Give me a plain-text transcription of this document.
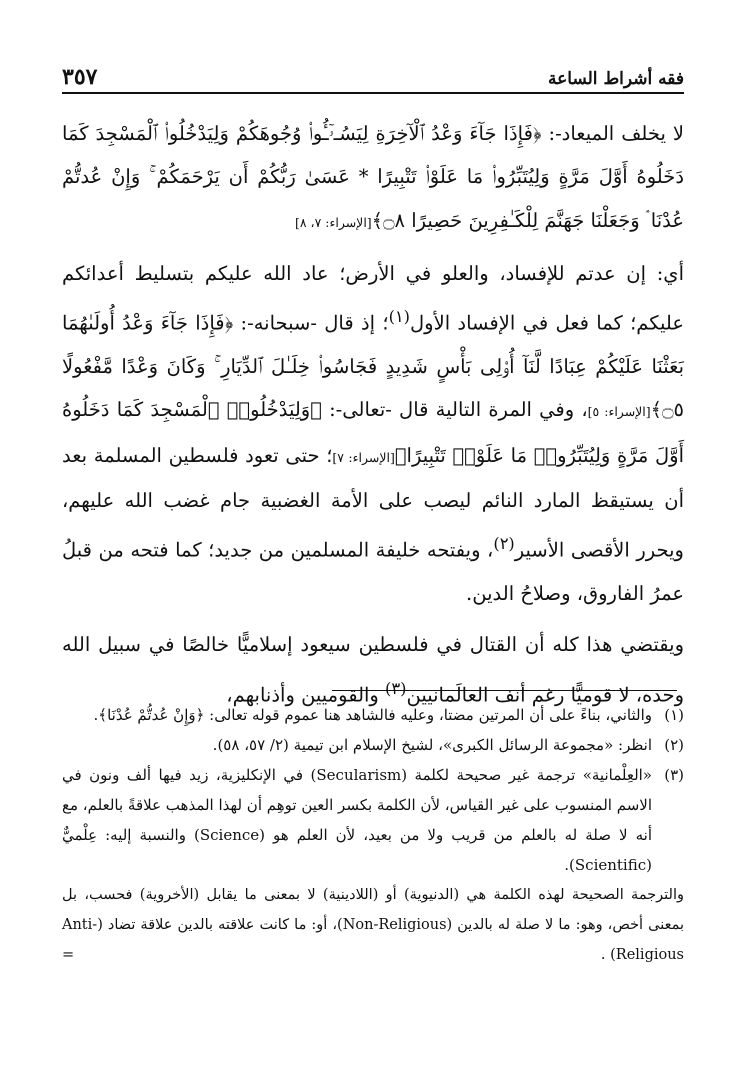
فقه أشراط الساعة
٣٥٧

لا يخلف الميعاد-: ﴿فَإِذَا جَآءَ وَعْدُ ٱلْآخِرَةِ لِيَسُـۥٓـُٔوا۟ وُجُوهَكُمْ وَلِيَدْخُلُوا۟ ٱلْمَسْجِدَ كَمَا دَخَلُوهُ أَوَّلَ مَرَّةٍ وَلِيُتَبِّرُوا۟ مَا عَلَوْا۟ تَتْبِيرًا * عَسَىٰ رَبُّكُمْ أَن يَرْحَمَكُمْ ۚ وَإِنْ عُدتُّمْ عُدْنَا ۘ وَجَعَلْنَا جَهَنَّمَ لِلْكَـٰفِرِينَ حَصِيرًا ۝٨﴾[الإسراء: ٧، ٨]

أي: إن عدتم للإفساد، والعلو في الأرض؛ عاد الله عليكم بتسليط أعدائكم عليكم؛ كما فعل في الإفساد الأول$^{(١)}$؛ إذ قال -سبحانه-: ﴿فَإِذَا جَآءَ وَعْدُ أُولَىٰهُمَا بَعَثْنَا عَلَيْكُمْ عِبَادًا لَّنَآ أُو۟لِى بَأْسٍ شَدِيدٍ فَجَاسُوا۟ خِلَـٰلَ ٱلدِّيَارِ ۚ وَكَانَ وَعْدًا مَّفْعُولًا ۝٥﴾[الإسراء: ٥]، وفي المرة التالية قال -تعالى-: ﴿وَلِيَدْخُلُوا۟ ٱلْمَسْجِدَ كَمَا دَخَلُوهُ أَوَّلَ مَرَّةٍ وَلِيُتَبِّرُوا۟ مَا عَلَوْا۟ تَتْبِيرًا﴾[الإسراء: ٧]؛ حتى تعود فلسطين المسلمة بعد أن يستيقظ المارد النائم ليصب على الأمة الغضبية جام غضب الله عليهم، ويحرر الأقصى الأسير$^{(٢)}$، ويفتحه خليفة المسلمين من جديد؛ كما فتحه من قبلُ عمرُ الفاروق، وصلاحُ الدين.

ويقتضي هذا كله أن القتال في فلسطين سيعود إسلاميًّا خالصًا في سبيل الله وحده، لا قوميًّا رغم أنف العالَمانيين$^{(٣)}$ والقوميين وأذنابهم،

(١)
والثاني، بناءً على أن المرتين مضتا، وعليه فالشاهد هنا عموم قوله تعالى: ﴿وَإِنْ عُدتُّمْ عُدْنَا﴾.
(٢)
انظر: «مجموعة الرسائل الكبرى»، لشيخ الإسلام ابن تيمية (٢/ ٥٧، ٥٨).
(٣)
«العِلْمانية» ترجمة غير صحيحة لكلمة (Secularism) في الإنكليزية، زيد فيها ألف ونون في الاسم المنسوب على غير القياس، لأن الكلمة بكسر العين توهِم أن لهذا المذهب علاقةً بالعلم، مع أنه لا صلة له بالعلم من قريب ولا من بعيد، لأن العلم هو (Science) والنسبة إليه: عِلْميٌّ (Scientific).

والترجمة الصحيحة لهذه الكلمة هي (الدنيوية) أو (اللادينية) لا بمعنى ما يقابل (الأخروية) فحسب، بل بمعنى أخص، وهو: ما لا صلة له بالدين (Non-Religious)، أو: ما كانت علاقته بالدين علاقة تضاد (Anti-Religious) .
=
